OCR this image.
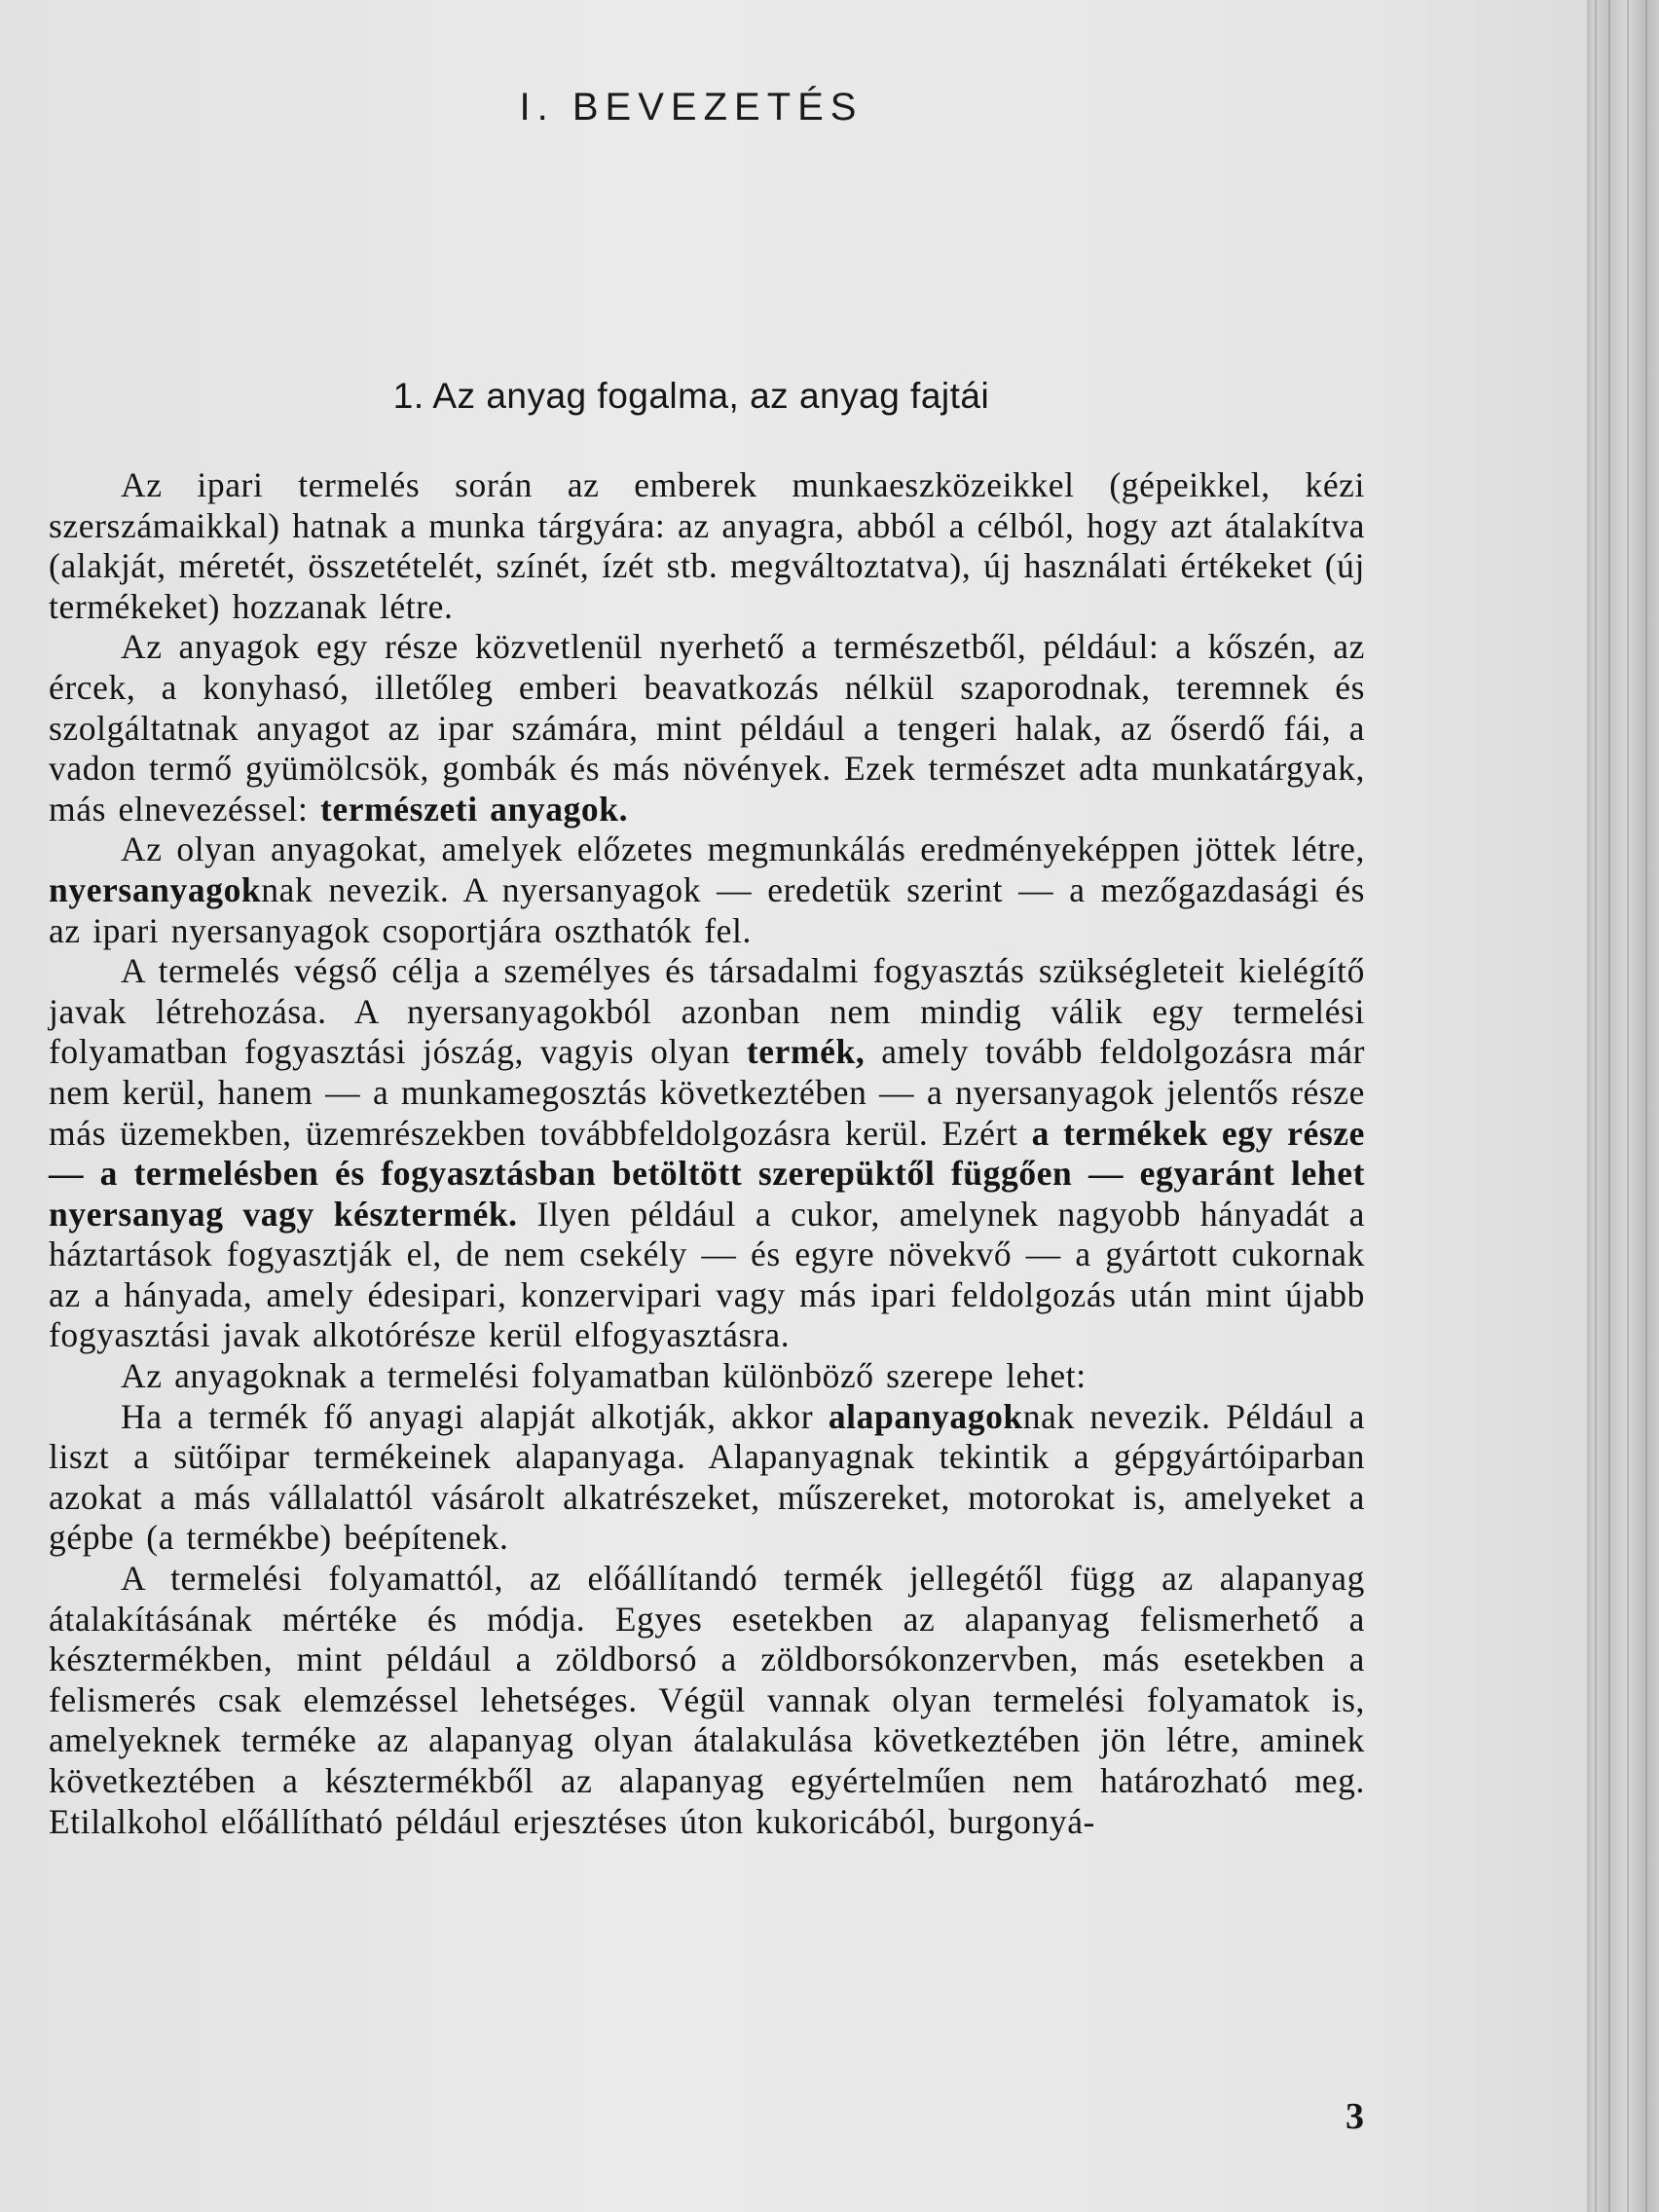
I. BEVEZETÉS
1. Az anyag fogalma, az anyag fajtái

Az ipari termelés során az emberek munkaeszközeikkel (gépeikkel, kézi szerszámaikkal) hatnak a munka tárgyára: az anyagra, abból a célból, hogy azt átalakítva (alakját, méretét, összetételét, színét, ízét stb. megváltoztatva), új használati értékeket (új termékeket) hozzanak létre.

Az anyagok egy része közvetlenül nyerhető a természetből, például: a kőszén, az ércek, a konyhasó, illetőleg emberi beavatkozás nélkül szaporodnak, teremnek és szolgáltatnak anyagot az ipar számára, mint például a tengeri halak, az őserdő fái, a vadon termő gyümölcsök, gombák és más növények. Ezek természet adta munkatárgyak, más elnevezéssel: természeti anyagok.

Az olyan anyagokat, amelyek előzetes megmunkálás eredményeképpen jöttek létre, nyersanyagoknak nevezik. A nyersanyagok — eredetük szerint — a mezőgazdasági és az ipari nyersanyagok csoportjára oszthatók fel.

A termelés végső célja a személyes és társadalmi fogyasztás szükségleteit kielégítő javak létrehozása. A nyersanyagokból azonban nem mindig válik egy termelési folyamatban fogyasztási jószág, vagyis olyan termék, amely tovább feldolgozásra már nem kerül, hanem — a munkamegosztás következtében — a nyersanyagok jelentős része más üzemekben, üzemrészekben továbbfeldolgozásra kerül. Ezért a termékek egy része — a termelésben és fogyasztásban betöltött szerepüktől függően — egyaránt lehet nyersanyag vagy késztermék. Ilyen például a cukor, amelynek nagyobb hányadát a háztartások fogyasztják el, de nem csekély — és egyre növekvő — a gyártott cukornak az a hányada, amely édesipari, konzervipari vagy más ipari feldolgozás után mint újabb fogyasztási javak alkotórésze kerül elfogyasztásra.

Az anyagoknak a termelési folyamatban különböző szerepe lehet:

Ha a termék fő anyagi alapját alkotják, akkor alapanyagoknak nevezik. Például a liszt a sütőipar termékeinek alapanyaga. Alapanyagnak tekintik a gépgyártóiparban azokat a más vállalattól vásárolt alkatrészeket, műszereket, motorokat is, amelyeket a gépbe (a termékbe) beépítenek.

A termelési folyamattól, az előállítandó termék jellegétől függ az alapanyag átalakításának mértéke és módja. Egyes esetekben az alapanyag felismerhető a késztermékben, mint például a zöldborsó a zöldborsókonzervben, más esetekben a felismerés csak elemzéssel lehetséges. Végül vannak olyan termelési folyamatok is, amelyeknek terméke az alapanyag olyan átalakulása következtében jön létre, aminek következtében a késztermékből az alapanyag egyértelműen nem határozható meg. Etilalkohol előállítható például erjesztéses úton kukoricából, burgonyá-

3
